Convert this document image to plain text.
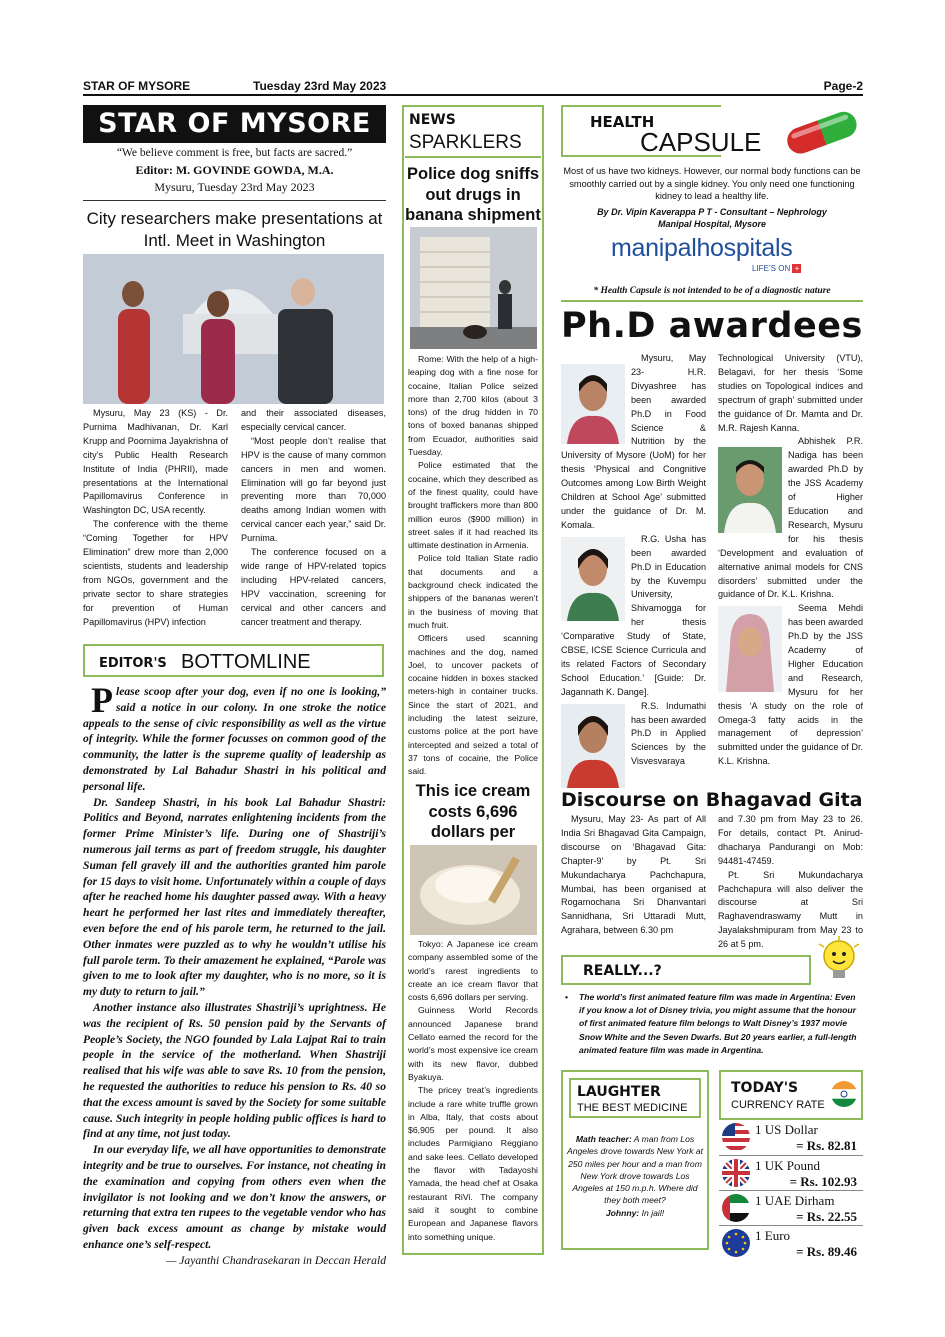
STAR OF MYSORE	Tuesday 23rd May 2023	Page-2
STAR OF MYSORE
“We believe comment is free, but facts are sacred.”
Editor: M. GOVINDE GOWDA, M.A.
Mysuru, Tuesday 23rd May 2023
City researchers make presentations at Intl. Meet in Washington

Mysuru, May 23 (KS) - Dr. Purnima Madhivanan, Dr. Karl Krupp and Poornima Jayakrishna of city’s Public Health Research Institute of India (PHRII), made presentations at the International Papillomavirus Conference in Washington DC, USA recently.

The conference with the theme “Coming Together for HPV Elimination” drew more than 2,000 scientists, students and leadership from NGOs, government and the private sector to share strategies for prevention of Human Papillomavirus (HPV) infection

and their associated diseases, especially cervical cancer.

“Most people don’t realise that HPV is the cause of many common cancers in men and women. Elimination will go far beyond just preventing more than 70,000 deaths among Indian women with cervical cancer each year,” said Dr. Purnima.

The conference focused on a wide range of HPV-related topics including HPV-related cancers, HPV vaccination, screening for cervical and other cancers and cancer treatment and therapy.

EDITOR'S BOTTOMLINE

Please scoop after your dog, even if no one is looking,” said a notice in our colony. In one stroke the notice appeals to the sense of civic responsibility as well as the virtue of integrity. While the former focusses on common good of the community, the latter is the supreme quality of leadership as demonstrated by Lal Bahadur Shastri in his political and personal life.

Dr. Sandeep Shastri, in his book Lal Bahadur Shastri: Politics and Beyond, narrates enlightening incidents from the former Prime Minister’s life. During one of Shastriji’s numerous jail terms as part of freedom struggle, his daughter Suman fell gravely ill and the authorities granted him parole for 15 days to visit home. Unfortunately within a couple of days after he reached home his daughter passed away. With a heavy heart he performed her last rites and immediately thereafter, even before the end of his parole term, he returned to the jail. Other inmates were puzzled as to why he wouldn’t utilise his full parole term. To their amazement he explained, “Parole was given to me to look after my daughter, who is no more, so it is my duty to return to jail.”

Another instance also illustrates Shastriji’s uprightness. He was the recipient of Rs. 50 pension paid by the Servants of People’s Society, the NGO founded by Lala Lajpat Rai to train people in the service of the motherland. When Shastriji realised that his wife was able to save Rs. 10 from the pension, he requested the authorities to reduce his pension to Rs. 40 so that the excess amount is saved by the Society for some suitable cause. Such integrity in people holding public offices is hard to find at any time, not just today.

In our everyday life, we all have opportunities to demonstrate integrity and be true to ourselves. For instance, not cheating in the examination and copying from others even when the invigilator is not looking and we don’t know the answers, or returning that extra ten rupees to the vegetable vendor who has given back excess amount as change by mistake would enhance one’s self-respect.

— Jayanthi Chandrasekaran in Deccan Herald

NEWS
SPARKLERS
Police dog sniffs out drugs in banana shipment

Rome: With the help of a high-leaping dog with a fine nose for cocaine, Italian Police seized more than 2,700 kilos (about 3 tons) of the drug hidden in 70 tons of boxed bananas shipped from Ecuador, authorities said Tuesday.

Police estimated that the cocaine, which they described as of the finest quality, could have brought traffickers more than 800 million euros ($900 million) in street sales if it had reached its ultimate destination in Armenia.

Police told Italian State radio that documents and a background check indicated the shippers of the bananas weren’t in the business of moving that much fruit.

Officers used scanning machines and the dog, named Joel, to uncover packets of cocaine hidden in boxes stacked meters-high in container trucks. Since the start of 2021, and including the latest seizure, customs police at the port have intercepted and seized a total of 37 tons of cocaine, the Police said.

This ice cream costs 6,696 dollars per

Tokyo: A Japanese ice cream company assembled some of the world’s rarest ingredients to create an ice cream flavor that costs 6,696 dollars per serving.

Guinness World Records announced Japanese brand Cellato earned the record for the world’s most expensive ice cream with its new flavor, dubbed Byakuya.

The pricey treat’s ingredients include a rare white truffle grown in Alba, Italy, that costs about $6,905 per pound. It also includes Parmigiano Reggiano and sake lees. Cellato developed the flavor with Tadayoshi Yamada, the head chef at Osaka restaurant RiVi. The company said it sought to combine European and Japanese flavors into something unique.

HEALTH
CAPSULE
Most of us have two kidneys. However, our normal body functions can be smoothly carried out by a single kidney. You only need one functioning kidney to lead a healthy life.
By Dr. Vipin Kaverappa P T - Consultant – Nephrology
Manipal Hospital, Mysore
manipalhospitals
LIFE’S ON +
* Health Capsule is not intended to be of a diagnostic nature
Ph.D awardees

Mysuru, May 23- H.R. Divyashree has been awarded Ph.D in Food Science & Nutrition by the University of Mysore (UoM) for her thesis ‘Physical and Congnitive Outcomes among Low Birth Weight Children at School Age’ submitted under the guidance of Dr. M. Komala.

R.G. Usha has been awarded Ph.D in Education by the Kuvempu University, Shivamogga for her thesis ‘Comparative Study of State, CBSE, ICSE Science Curricula and its related Factors of Secondary School Education.’ [Guide: Dr. Jagannath K. Dange].

R.S. Indumathi has been awarded Ph.D in Applied Sciences by the Visvesvaraya

Technological University (VTU), Belagavi, for her thesis ‘Some studies on Topological indices and spectrum of graph’ submitted under the guidance of Dr. Mamta and Dr. M.R. Rajesh Kanna.

Abhishek P.R. Nadiga has been awarded Ph.D by the JSS Academy of Higher Education and Research, Mysuru for his thesis ‘Development and evaluation of alternative animal models for CNS disorders’ submitted under the guidance of Dr. K.L. Krishna.

Seema Mehdi has been awarded Ph.D by the JSS Academy of Higher Education and Research, Mysuru for her thesis ‘A study on the role of Omega-3 fatty acids in the management of depression’ submitted under the guidance of Dr. K.L. Krishna.

Discourse on Bhagavad Gita

Mysuru, May 23- As part of All India Sri Bhagavad Gita Campaign, discourse on ‘Bhagavad Gita: Chapter-9’ by Pt. Sri Mukundacharya Pachchapura, Mumbai, has been organised at Rogamochana Sri Dhanvantari Sannidhana, Sri Uttaradi Mutt, Agrahara, between 6.30 pm

and 7.30 pm from May 23 to 26. For details, contact Pt. Anirud-dhacharya Pandurangi on Mob: 94481-47459.

Pt. Sri Mukundacharya Pachchapura will also deliver the discourse at Sri Raghavendraswamy Mutt in Jayalakshmipuram from May 23 to 26 at 5 pm.

REALLY...?
• The world’s first animated feature film was made in Argentina: Even if you know a lot of Disney trivia, you might assume that the honour of first animated feature film belongs to Walt Disney’s 1937 movie Snow White and the Seven Dwarfs. But 20 years earlier, a full-length animated feature film was made in Argentina.
LAUGHTER
THE BEST MEDICINE
Math teacher: A man from Los Angeles drove towards New York at 250 miles per hour and a man from New York drove towards Los Angeles at 150 m.p.h. Where did they both meet?
Johnny: In jail!
TODAY'S
CURRENCY RATE
1 US Dollar
= Rs. 82.81
1 UK Pound
= Rs. 102.93
1 UAE Dirham
= Rs. 22.55
1 Euro
= Rs. 89.46
